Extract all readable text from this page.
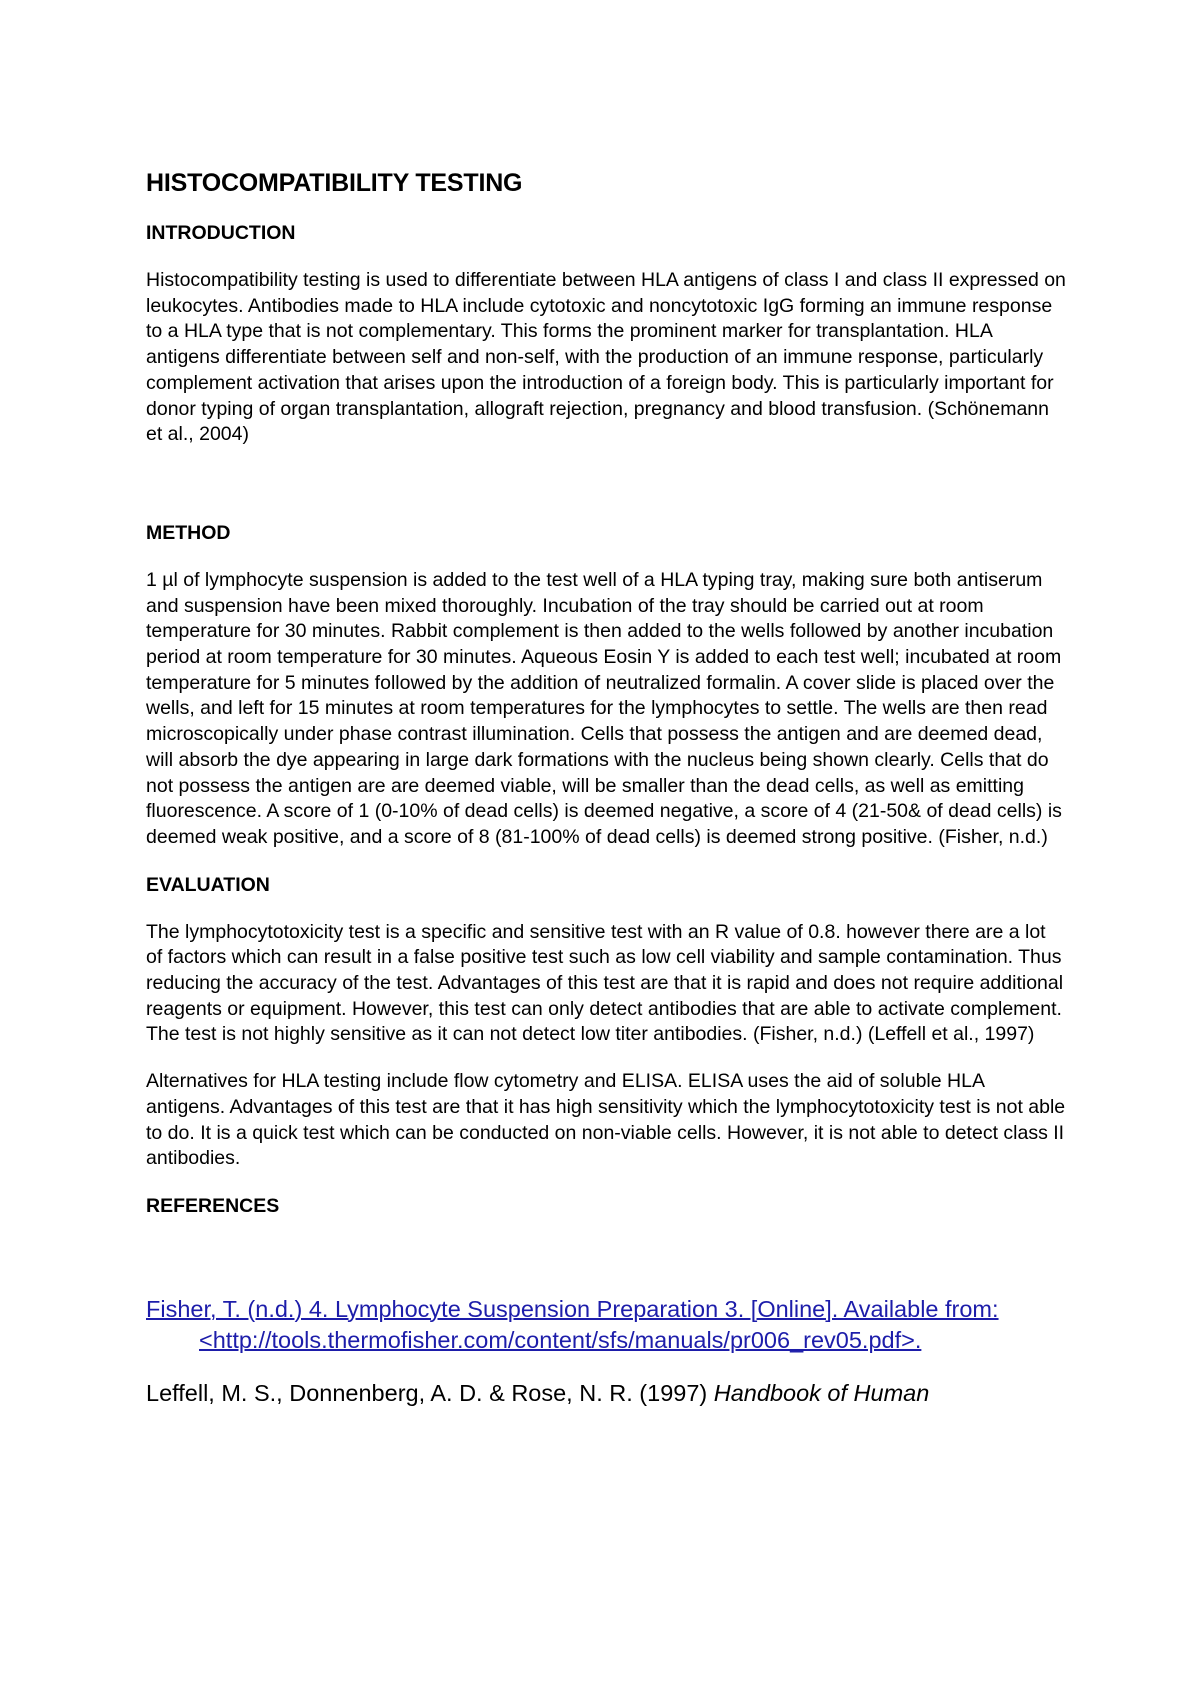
HISTOCOMPATIBILITY TESTING
INTRODUCTION

Histocompatibility testing is used to differentiate between HLA antigens of class I and class II expressed on leukocytes. Antibodies made to HLA include cytotoxic and noncytotoxic IgG forming an immune response to a HLA type that is not complementary. This forms the prominent marker for transplantation. HLA antigens differentiate between self and non-self, with the production of an immune response, particularly complement activation that arises upon the introduction of a foreign body. This is particularly important for donor typing of organ transplantation, allograft rejection, pregnancy and blood transfusion. (Schönemann et al., 2004)

METHOD

1 µl of lymphocyte suspension is added to the test well of a HLA typing tray, making sure both antiserum and suspension have been mixed thoroughly. Incubation of the tray should be carried out at room temperature for 30 minutes. Rabbit complement is then added to the wells followed by another incubation period at room temperature for 30 minutes. Aqueous Eosin Y is added to each test well; incubated at room temperature for 5 minutes followed by the addition of neutralized formalin. A cover slide is placed over the wells, and left for 15 minutes at room temperatures for the lymphocytes to settle. The wells are then read microscopically under phase contrast illumination. Cells that possess the antigen and are deemed dead, will absorb the dye appearing in large dark formations with the nucleus being shown clearly. Cells that do not possess the antigen are are deemed viable, will be smaller than the dead cells, as well as emitting fluorescence. A score of 1 (0-10% of dead cells) is deemed negative, a score of 4 (21-50& of dead cells) is deemed weak positive, and a score of 8 (81-100% of dead cells) is deemed strong positive. (Fisher, n.d.)

EVALUATION

The lymphocytotoxicity test is a specific and sensitive test with an R value of 0.8. however there are a lot of factors which can result in a false positive test such as low cell viability and sample contamination. Thus reducing the accuracy of the test. Advantages of this test are that it is rapid and does not require additional reagents or equipment. However, this test can only detect antibodies that are able to activate complement. The test is not highly sensitive as it can not detect low titer antibodies. (Fisher, n.d.) (Leffell et al., 1997)

Alternatives for HLA testing include flow cytometry and ELISA. ELISA uses the aid of soluble HLA antigens. Advantages of this test are that it has high sensitivity which the lymphocytotoxicity test is not able to do. It is a quick test which can be conducted on non-viable cells. However, it is not able to detect class II antibodies.

REFERENCES

Fisher, T. (n.d.) 4. Lymphocyte Suspension Preparation 3. [Online]. Available from: <http://tools.thermofisher.com/content/sfs/manuals/pr006_rev05.pdf>.

Leffell, M. S., Donnenberg, A. D. & Rose, N. R. (1997) Handbook of Human
